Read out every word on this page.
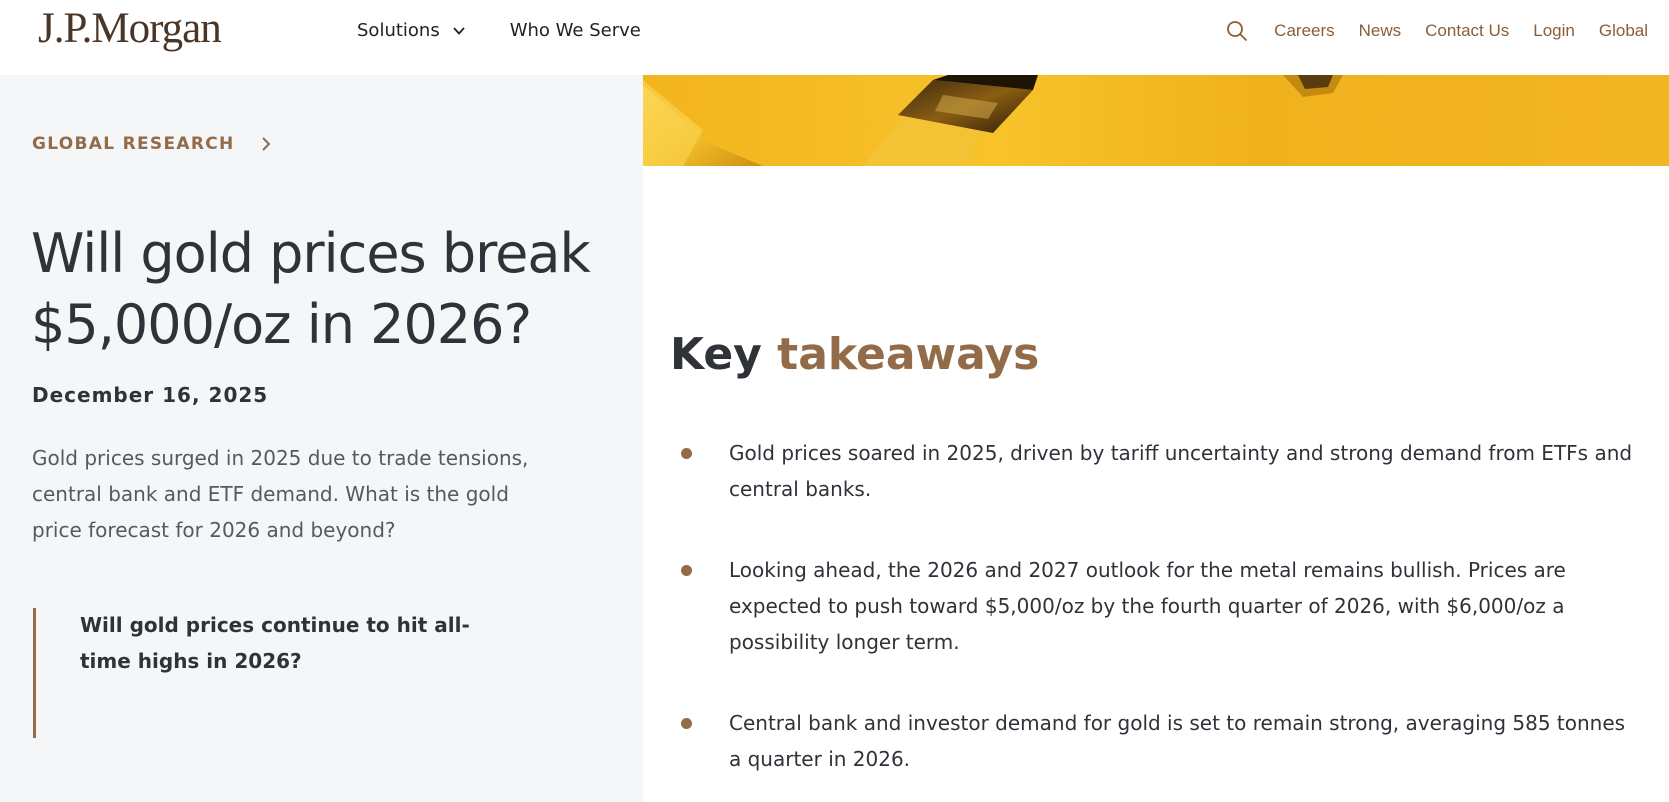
J.P.Morgan	Solutions	Who We Serve	Careers News Contact Us Login Global
GLOBAL RESEARCH
Will gold prices break $5,000/oz in 2026?
December 16, 2025

Gold prices surged in 2025 due to trade tensions, central bank and ETF demand. What is the gold price forecast for 2026 and beyond?

Will gold prices continue to hit all-time highs in 2026?
Key takeaways
Gold prices soared in 2025, driven by tariff uncertainty and strong demand from ETFs and central banks.
Looking ahead, the 2026 and 2027 outlook for the metal remains bullish. Prices are expected to push toward $5,000/oz by the fourth quarter of 2026, with $6,000/oz a possibility longer term.
Central bank and investor demand for gold is set to remain strong, averaging 585 tonnes a quarter in 2026.
